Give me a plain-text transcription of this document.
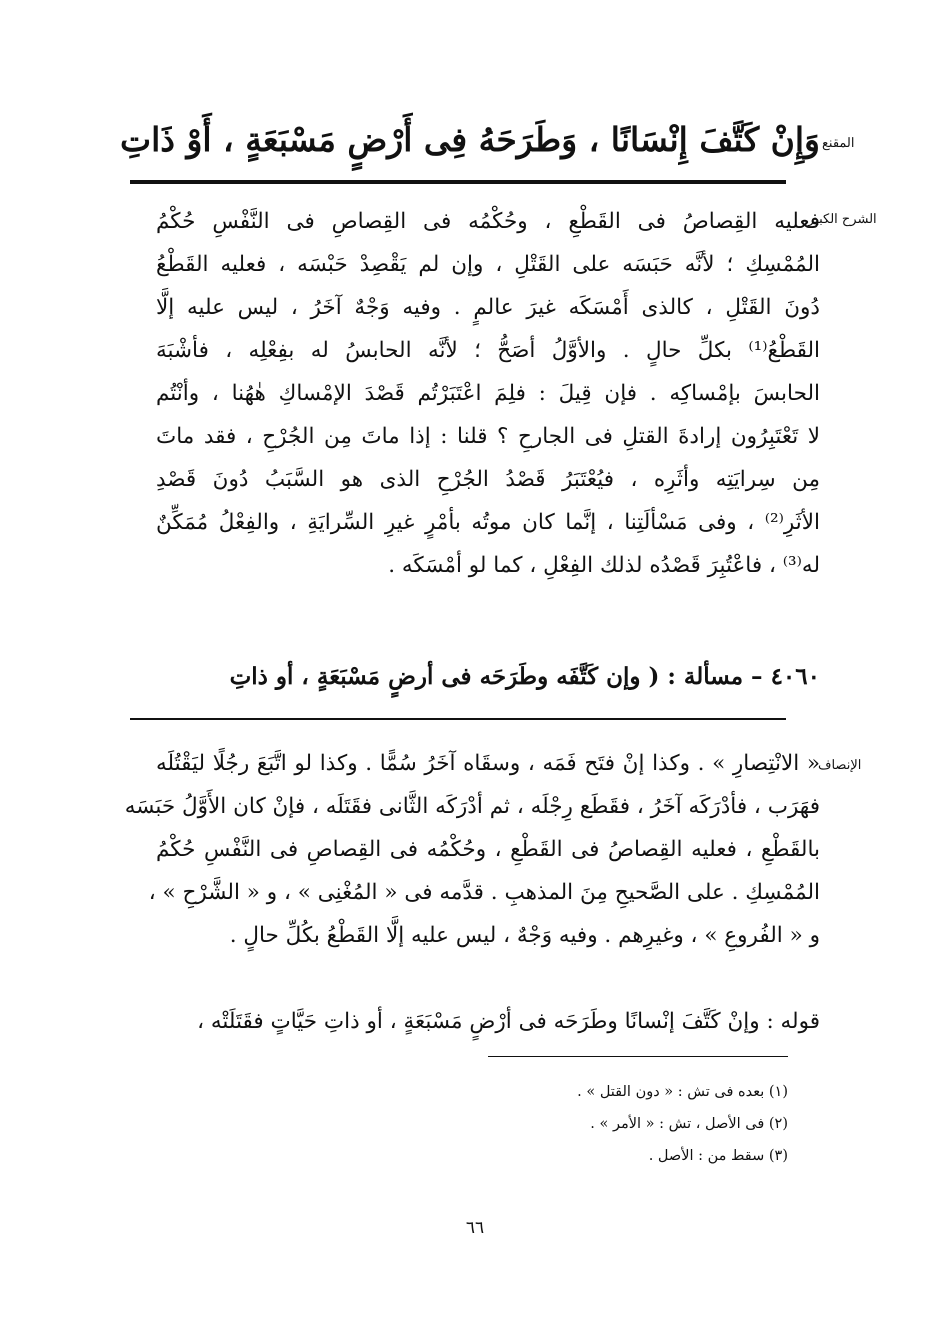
المقنع
وَإِنْ كَتَّفَ إِنْسَانًا ، وَطَرَحَهُ فِى أَرْضٍ مَسْبَعَةٍ ، أَوْ ذَاتِ
الشرح الكبير
فعليه القِصاصُ فى القَطْعِ ، وحُكْمُه فى القِصاصِ فى النَّفْسِ حُكْمُ
المُمْسِكِ ؛ لأنَّه حَبَسَه على القَتْلِ ، وإن لم يَقْصِدْ حَبْسَه ، فعليه القَطْعُ
دُونَ القَتْلِ ، كالذى أَمْسَكَه غيرَ عالمٍ . وفيه وَجْهٌ آخَرُ ، ليس عليه إلَّا
القَطْعُ⁽¹⁾ بكلِّ حالٍ . والأوَّلُ أصَحُّ ؛ لأنَّه الحابسُ له بفِعْلِه ، فأشْبَهَ
الحابسَ بإمْساكِه . فإن قِيلَ : فلِمَ اعْتَبَرْتُم قَصْدَ الإمْساكِ هٰهُنا ، وأنْتُم
لا تَعْتَبِرُون إرادةَ القتلِ فى الجارحِ ؟ قلنا : إذا ماتَ مِن الجُرْحِ ، فقد ماتَ
مِن سِرايَتِه وأثَرِه ، فيُعْتَبَرُ قَصْدُ الجُرْحِ الذى هو السَّبَبُ دُونَ قَصْدِ
الأثَرِ⁽²⁾ ، وفى مَسْألَتِنا ، إنَّما كان موتُه بأمْرٍ غيرِ السِّرايَةِ ، والفِعْلُ مُمَكِّنٌ
له⁽³⁾ ، فاعْتُبِرَ قَصْدُه لذلك الفِعْلِ ، كما لو أمْسَكَه .
٤٠٦٠ – مسألة : ( وإن كَتَّفَه وطَرَحَه فى أرضٍ مَسْبَعَةٍ ، أو ذاتِ
الإنصاف
« الانْتِصارِ » . وكذا إنْ فتَح فَمَه ، وسقَاه آخَرُ سُمًّا . وكذا لو اتَّبَعَ رجُلًا ليَقْتُلَه
فهَرَب ، فأدْرَكَه آخَرُ ، فقَطَع رِجْلَه ، ثم أدْرَكَه الثَّانى فقَتَلَه ، فإنْ كان الأَوَّلُ حَبَسَه
بالقَطْعِ ، فعليه القِصاصُ فى القَطْعِ ، وحُكْمُه فى القِصاصِ فى النَّفْسِ حُكْمُ
المُمْسِكِ . على الصَّحيحِ مِنَ المذهبِ . قدَّمه فى « المُغْنِى » ، و « الشَّرْحِ » ،
و « الفُروعِ » ، وغيرِهم . وفيه وَجْهٌ ، ليس عليه إلَّا القَطْعُ بكُلِّ حالٍ .
قوله : وإنْ كَتَّفَ إنْسانًا وطَرَحَه فى أرْضٍ مَسْبَعَةٍ ، أو ذاتِ حَيَّاتٍ فقَتَلَتْه ،
(١) بعده فى تش : « دون القتل » .
(٢) فى الأصل ، تش : « الأمر » .
(٣) سقط من : الأصل .
٦٦
